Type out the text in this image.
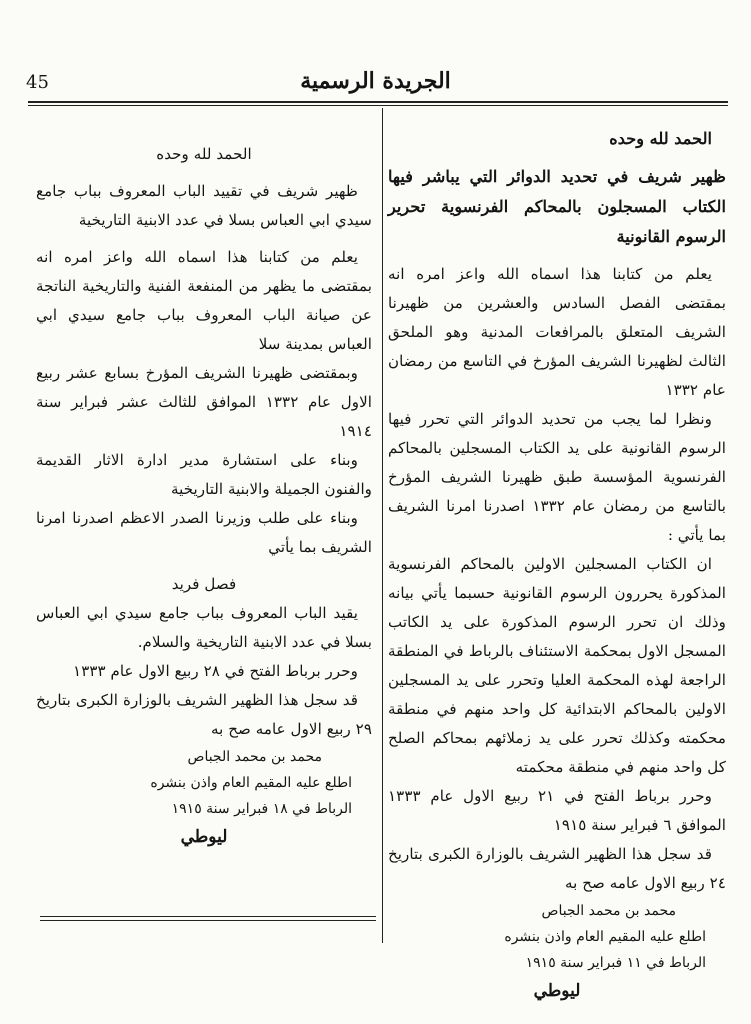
45	الجريدة الرسمية

الحمد لله وحده

ظهير شريف في تحديد الدوائر التي يباشر فيها الكتاب المسجلون بالمحاكم الفرنسوية تحرير الرسوم القانونية

يعلم من كتابنا هذا اسماه الله واعز امره انه بمقتضى الفصل السادس والعشرين من ظهيرنا الشريف المتعلق بالمرافعات المدنية وهو الملحق الثالث لظهيرنا الشريف المؤرخ في التاسع من رمضان عام ١٣٣٢

ونظرا لما يجب من تحديد الدوائر التي تحرر فيها الرسوم القانونية على يد الكتاب المسجلين بالمحاكم الفرنسوية المؤسسة طبق ظهيرنا الشريف المؤرخ بالتاسع من رمضان عام ١٣٣٢ اصدرنا امرنا الشريف بما يأتي :

ان الكتاب المسجلين الاولين بالمحاكم الفرنسوية المذكورة يحررون الرسوم القانونية حسبما يأتي بيانه وذلك ان تحرر الرسوم المذكورة على يد الكاتب المسجل الاول بمحكمة الاستئناف بالرباط في المنطقة الراجعة لهذه المحكمة العليا وتحرر على يد المسجلين الاولين بالمحاكم الابتدائية كل واحد منهم في منطقة محكمته وكذلك تحرر على يد زملائهم بمحاكم الصلح كل واحد منهم في منطقة محكمته

وحرر برباط الفتح في ٢١ ربيع الاول عام ١٣٣٣ الموافق ٦ فبراير سنة ١٩١٥

قد سجل هذا الظهير الشريف بالوزارة الكبرى بتاريخ ٢٤ ربيع الاول عامه صح به

محمد بن محمد الجباص

اطلع عليه المقيم العام واذن بنشره

الرباط في ١١ فبراير سنة ١٩١٥

ليوطي

الحمد لله وحده

ظهير شريف في تقييد الباب المعروف بباب جامع سيدي ابي العباس بسلا في عدد الابنية التاريخية

يعلم من كتابنا هذا اسماه الله واعز امره انه بمقتضى ما يظهر من المنفعة الفنية والتاريخية الناتجة عن صيانة الباب المعروف بباب جامع سيدي ابي العباس بمدينة سلا

وبمقتضى ظهيرنا الشريف المؤرخ بسابع عشر ربيع الاول عام ١٣٣٢ الموافق للثالث عشر فبراير سنة ١٩١٤

وبناء على استشارة مدير ادارة الاثار القديمة والفنون الجميلة والابنية التاريخية

وبناء على طلب وزيرنا الصدر الاعظم اصدرنا امرنا الشريف بما يأتي

فصل فريد

يقيد الباب المعروف بباب جامع سيدي ابي العباس بسلا في عدد الابنية التاريخية والسلام.

وحرر برباط الفتح في ٢٨ ربيع الاول عام ١٣٣٣

قد سجل هذا الظهير الشريف بالوزارة الكبرى بتاريخ ٢٩ ربيع الاول عامه صح به

محمد بن محمد الجباص

اطلع عليه المقيم العام واذن بنشره

الرباط في ١٨ فبراير سنة ١٩١٥

ليوطي
